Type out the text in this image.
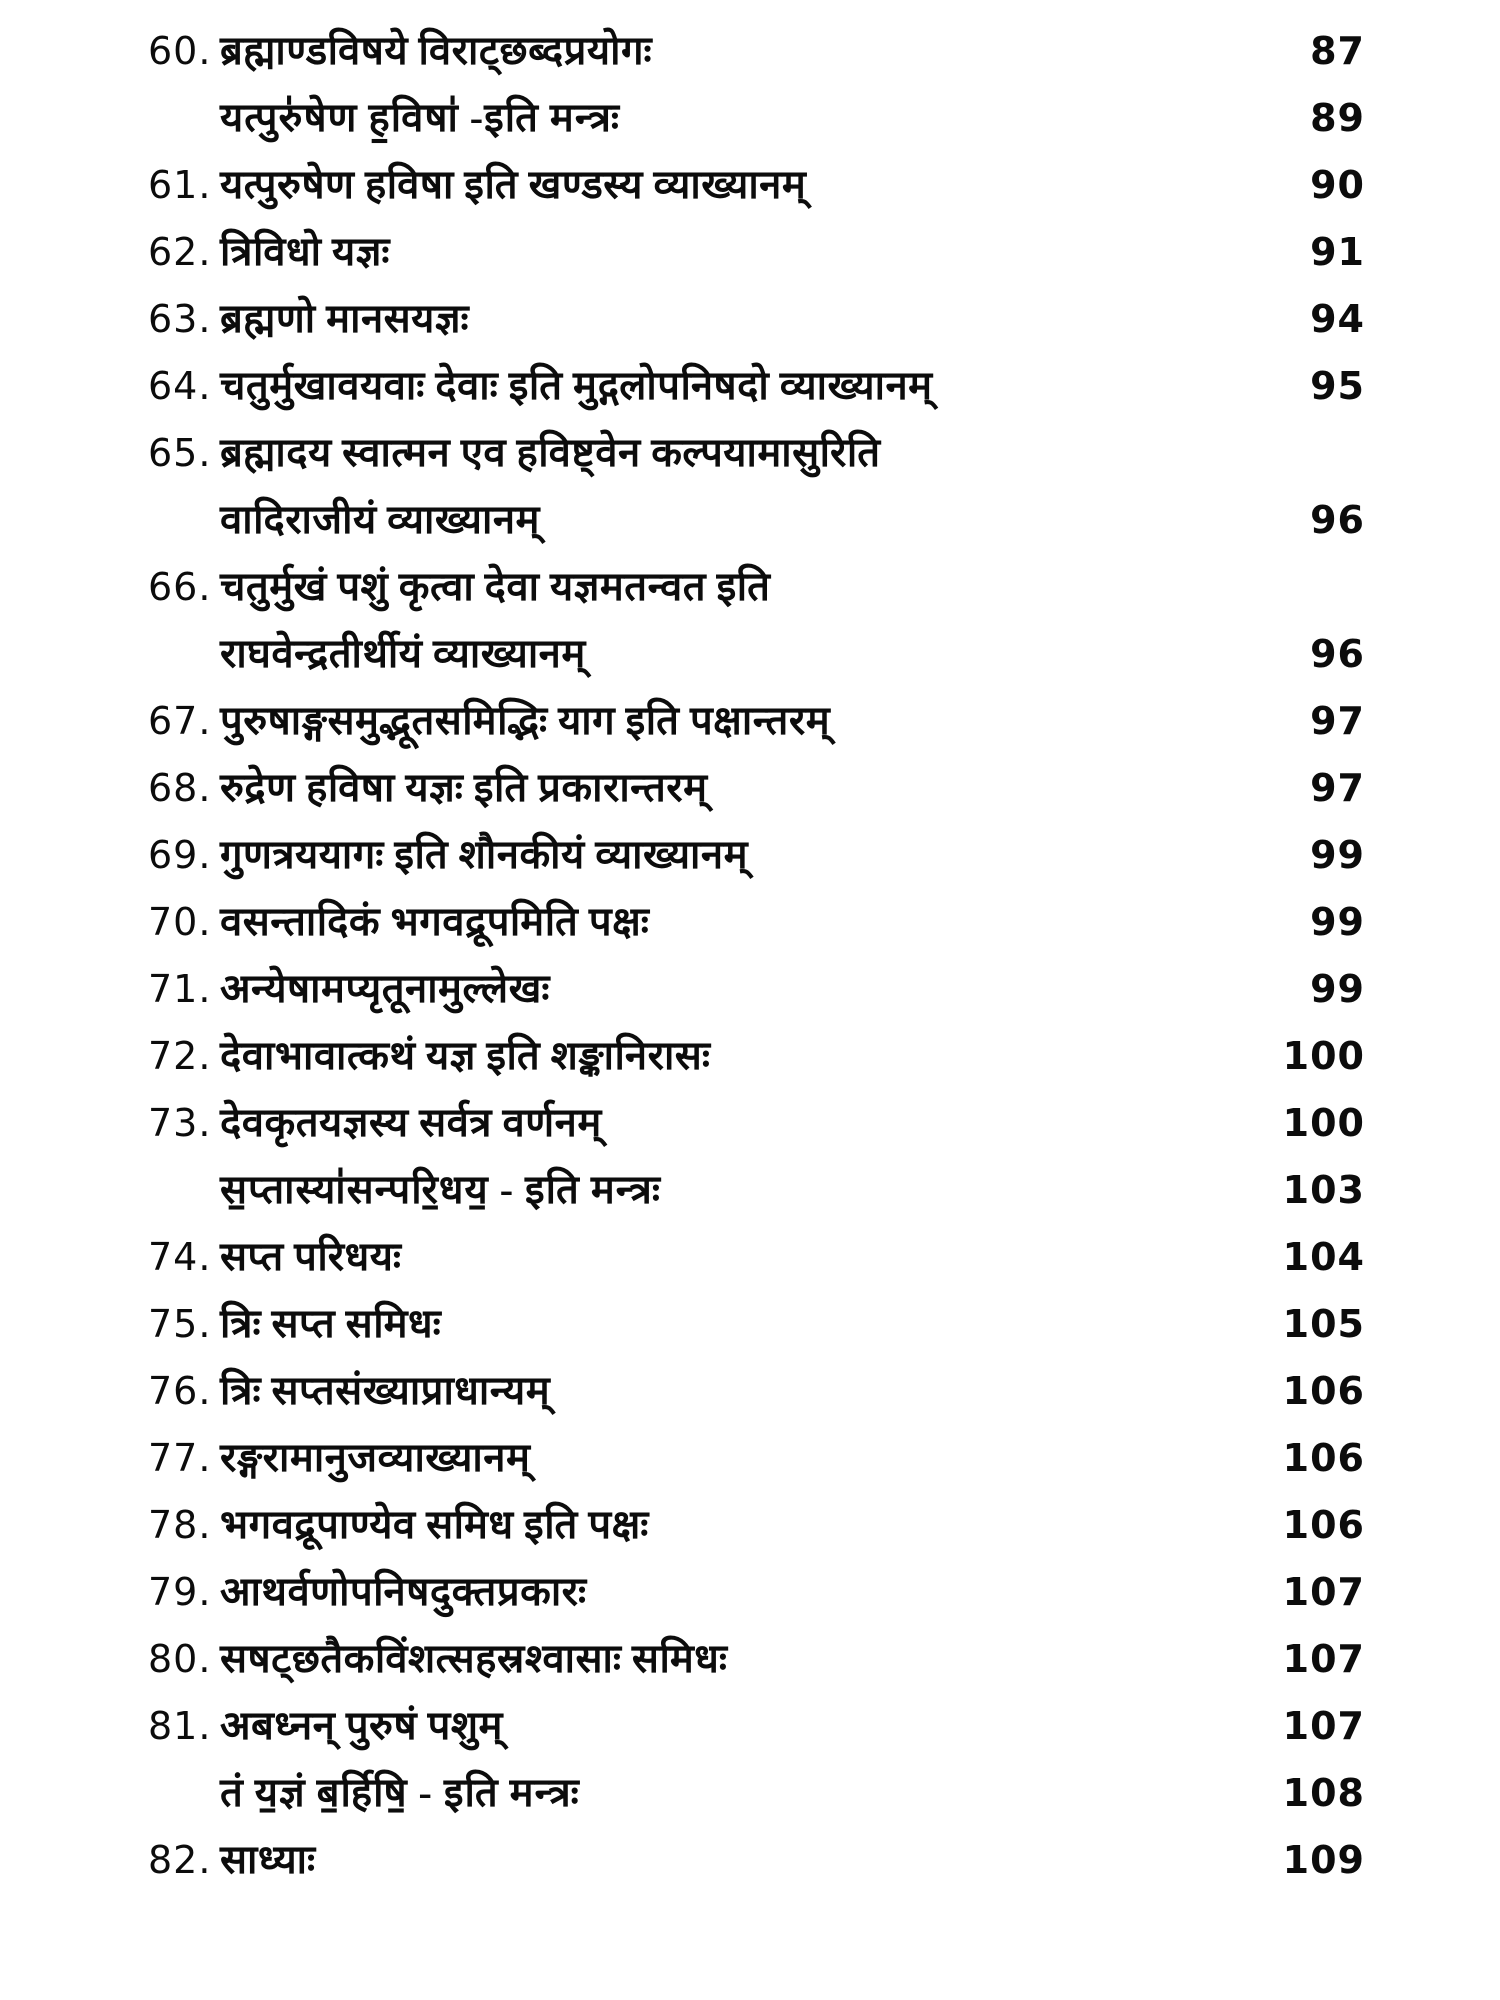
60. ब्रह्माण्डविषये विराट्छब्दप्रयोगः	87
यत्पुरु॑षेण ह॒विषा॑ -इति मन्त्रः	89
61. यत्पुरुषेण हविषा इति खण्डस्य व्याख्यानम्	90
62. त्रिविधो यज्ञः	91
63. ब्रह्मणो मानसयज्ञः	94
64. चतुर्मुखावयवाः देवाः इति मुद्गलोपनिषदो व्याख्यानम्	95
65. ब्रह्मादय स्वात्मन एव हविष्ट्वेन कल्पयामासुरिति
वादिराजीयं व्याख्यानम्	96
66. चतुर्मुखं पशुं कृत्वा देवा यज्ञमतन्वत इति
राघवेन्द्रतीर्थीयं व्याख्यानम्	96
67. पुरुषाङ्गसमुद्भूतसमिद्भिः याग इति पक्षान्तरम्	97
68. रुद्रेण हविषा यज्ञः इति प्रकारान्तरम्	97
69. गुणत्रययागः इति शौनकीयं व्याख्यानम्	99
70. वसन्तादिकं भगवद्रूपमिति पक्षः	99
71. अन्येषामप्यृतूनामुल्लेखः	99
72. देवाभावात्कथं यज्ञ इति शङ्कानिरासः	100
73. देवकृतयज्ञस्य सर्वत्र वर्णनम्	100
स॒प्तास्या॑सन्परि॒धय॒ - इति मन्त्रः	103
74. सप्त परिधयः	104
75. त्रिः सप्त समिधः	105
76. त्रिः सप्तसंख्याप्राधान्यम्	106
77. रङ्गरामानुजव्याख्यानम्	106
78. भगवद्रूपाण्येव समिध इति पक्षः	106
79. आथर्वणोपनिषदुक्तप्रकारः	107
80. सषट्छतैकविंशत्सहस्रश्वासाः समिधः	107
81. अबध्नन् पुरुषं पशुम्	107
तं य॒ज्ञं ब॒र्हिषि॒ - इति मन्त्रः	108
82. साध्याः	109
